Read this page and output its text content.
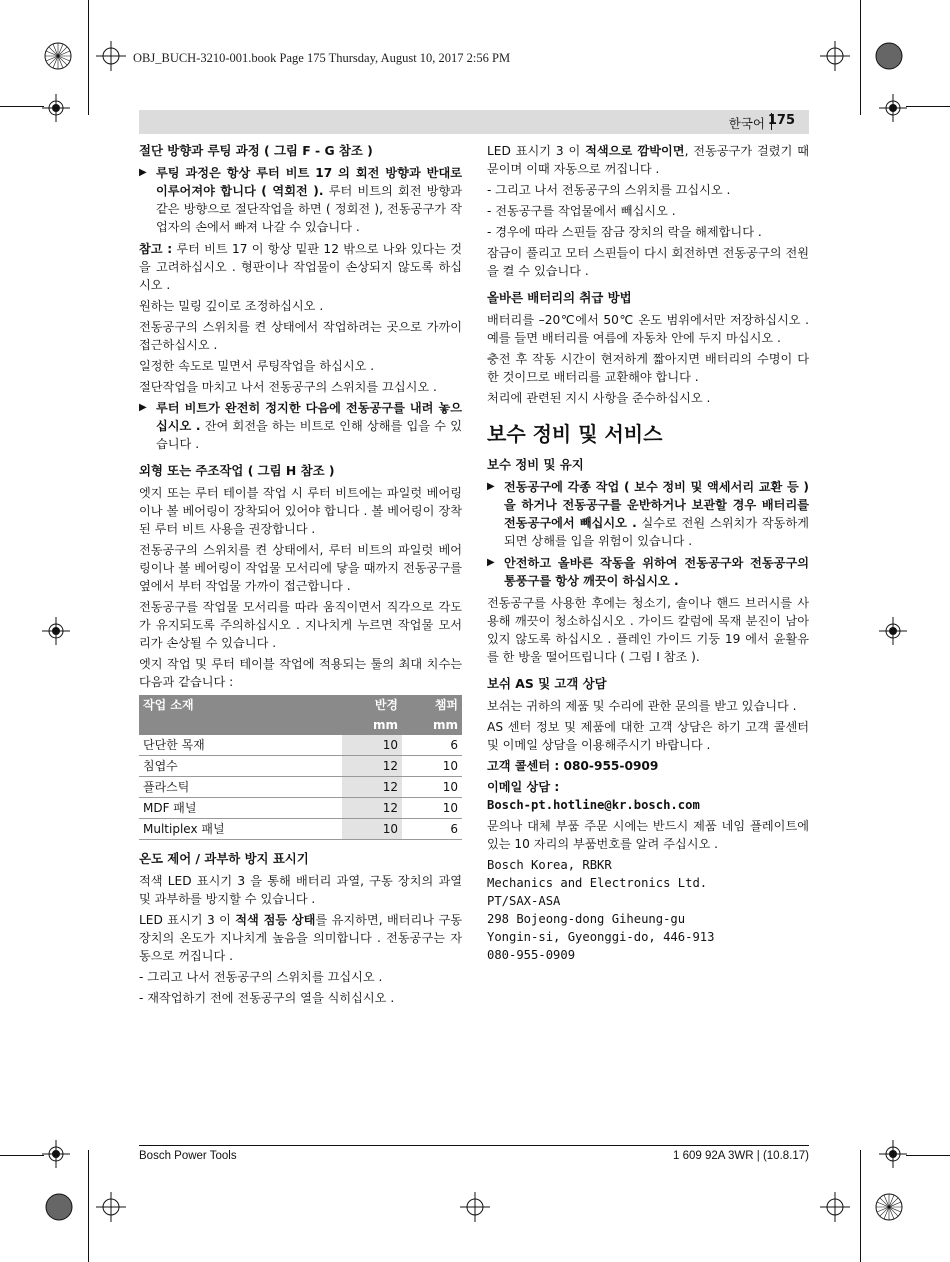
OBJ_BUCH-3210-001.book Page 175 Thursday, August 10, 2017 2:56 PM
한국어 175
절단 방향과 루팅 과정 ( 그림 F - G 참조 )
▶ 루팅 과정은 항상 루터 비트 17 의 회전 방향과 반대로 이루어져야 합니다 ( 역회전 ). 루터 비트의 회전 방향과 같은 방향으로 절단작업을 하면 ( 정회전 ), 전동공구가 작업자의 손에서 빠져 나갈 수 있습니다 .

참고 : 루터 비트 17 이 항상 밑판 12 밖으로 나와 있다는 것을 고려하십시오 . 형판이나 작업물이 손상되지 않도록 하십시오 .

원하는 밀링 깊이로 조정하십시오 .

전동공구의 스위치를 켠 상태에서 작업하려는 곳으로 가까이 접근하십시오 .

일정한 속도로 밀면서 루팅작업을 하십시오 .

절단작업을 마치고 나서 전동공구의 스위치를 끄십시오 .

▶ 루터 비트가 완전히 정지한 다음에 전동공구를 내려 놓으십시오 . 잔여 회전을 하는 비트로 인해 상해를 입을 수 있습니다 .
외형 또는 주조작업 ( 그림 H 참조 )

엣지 또는 루터 테이블 작업 시 루터 비트에는 파일럿 베어링이나 볼 베어링이 장착되어 있어야 합니다 . 볼 베어링이 장착된 루터 비트 사용을 권장합니다 .

전동공구의 스위치를 켠 상태에서, 루터 비트의 파일럿 베어링이나 볼 베어링이 작업물 모서리에 닿을 때까지 전동공구를 옆에서 부터 작업물 가까이 접근합니다 .

전동공구를 작업물 모서리를 따라 움직이면서 직각으로 각도가 유지되도록 주의하십시오 . 지나치게 누르면 작업물 모서리가 손상될 수 있습니다 .

엣지 작업 및 루터 테이블 작업에 적용되는 툴의 최대 치수는 다음과 같습니다 :

작업 소재	반경	챔퍼
	mm	mm
단단한 목재	10	6
침엽수	12	10
플라스틱	12	10
MDF 패널	12	10
Multiplex 패널	10	6
온도 제어 / 과부하 방지 표시기

적색 LED 표시기 3 을 통해 배터리 과열, 구동 장치의 과열 및 과부하를 방지할 수 있습니다 .

LED 표시기 3 이 적색 점등 상태를 유지하면, 배터리나 구동 장치의 온도가 지나치게 높음을 의미합니다 . 전동공구는 자동으로 꺼집니다 .

- 그리고 나서 전동공구의 스위치를 끄십시오 .

- 재작업하기 전에 전동공구의 열을 식히십시오 .

LED 표시기 3 이 적색으로 깜박이면, 전동공구가 걸렸기 때문이며 이때 자동으로 꺼집니다 .

- 그리고 나서 전동공구의 스위치를 끄십시오 .

- 전동공구를 작업물에서 빼십시오 .

- 경우에 따라 스핀들 잠금 장치의 락을 해제합니다 .

잠금이 풀리고 모터 스핀들이 다시 회전하면 전동공구의 전원을 켤 수 있습니다 .

올바른 배터리의 취급 방법

배터리를 –20℃에서 50℃ 온도 범위에서만 저장하십시오 . 예를 들면 배터리를 여름에 자동차 안에 두지 마십시오 .

충전 후 작동 시간이 현저하게 짧아지면 배터리의 수명이 다한 것이므로 배터리를 교환해야 합니다 .

처리에 관련된 지시 사항을 준수하십시오 .

보수 정비 및 서비스
보수 정비 및 유지
▶ 전동공구에 각종 작업 ( 보수 정비 및 액세서리 교환 등 ) 을 하거나 전동공구를 운반하거나 보관할 경우 배터리를 전동공구에서 빼십시오 . 실수로 전원 스위치가 작동하게 되면 상해를 입을 위험이 있습니다 .
▶ 안전하고 올바른 작동을 위하여 전동공구와 전동공구의 통풍구를 항상 깨끗이 하십시오 .

전동공구를 사용한 후에는 청소기, 솔이나 핸드 브러시를 사용해 깨끗이 청소하십시오 . 가이드 칼럼에 목재 분진이 남아 있지 않도록 하십시오 . 플레인 가이드 기둥 19 에서 윤활유를 한 방울 떨어뜨립니다 ( 그림 I 참조 ).

보쉬 AS 및 고객 상담

보쉬는 귀하의 제품 및 수리에 관한 문의를 받고 있습니다 .

AS 센터 정보 및 제품에 대한 고객 상담은 하기 고객 콜센터 및 이메일 상담을 이용해주시기 바랍니다 .

고객 콜센터 : 080-955-0909

이메일 상담 :

Bosch-pt.hotline@kr.bosch.com

문의나 대체 부품 주문 시에는 반드시 제품 네임 플레이트에 있는 10 자리의 부품번호를 알려 주십시오 .

Bosch Korea, RBKR
Mechanics and Electronics Ltd.
PT/SAX-ASA
298 Bojeong-dong Giheung-gu
Yongin-si, Gyeonggi-do, 446-913
080-955-0909
Bosch Power Tools	1 609 92A 3WR | (10.8.17)
